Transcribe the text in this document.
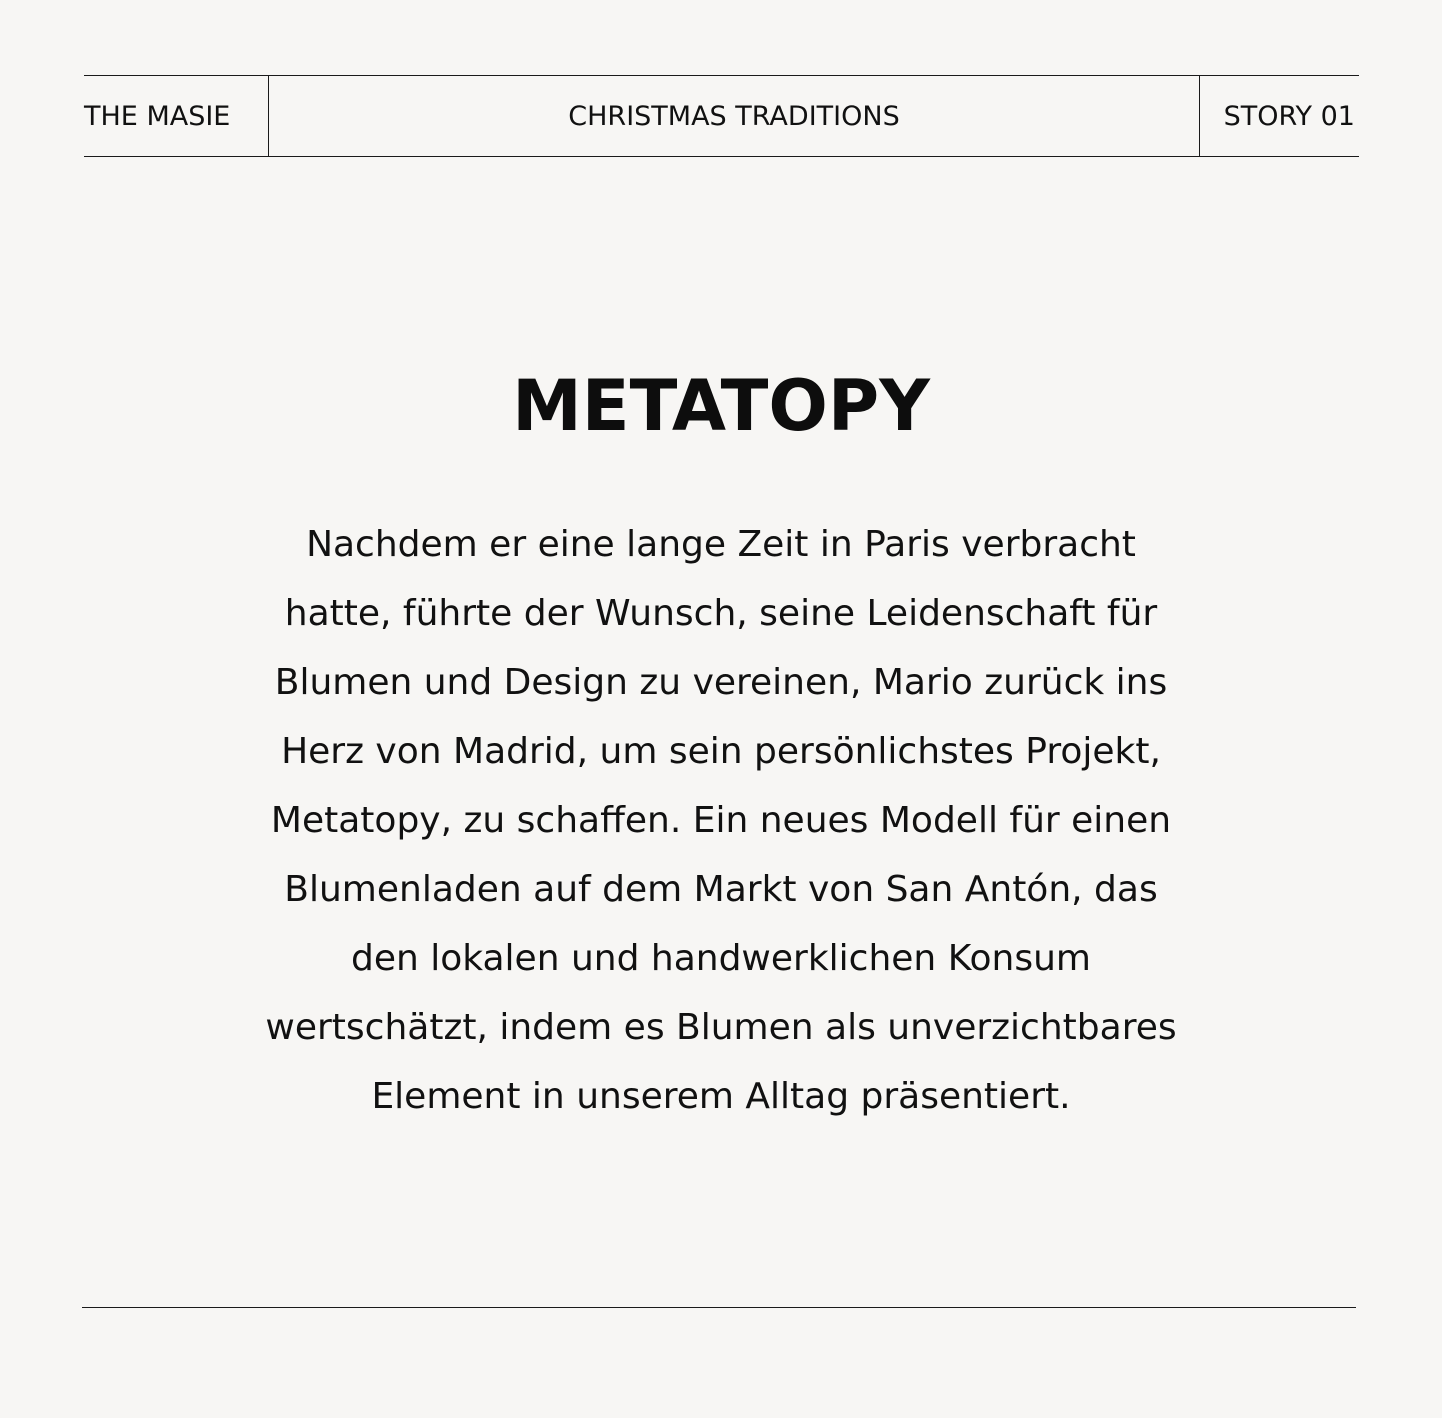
THE MASIE	CHRISTMAS TRADITIONS	STORY 01
METATOPY

Nachdem er eine lange Zeit in Paris verbracht
hatte, führte der Wunsch, seine Leidenschaft für
Blumen und Design zu vereinen, Mario zurück ins
Herz von Madrid, um sein persönlichstes Projekt,
Metatopy, zu schaffen. Ein neues Modell für einen
Blumenladen auf dem Markt von San Antón, das
den lokalen und handwerklichen Konsum
wertschätzt, indem es Blumen als unverzichtbares
Element in unserem Alltag präsentiert.
